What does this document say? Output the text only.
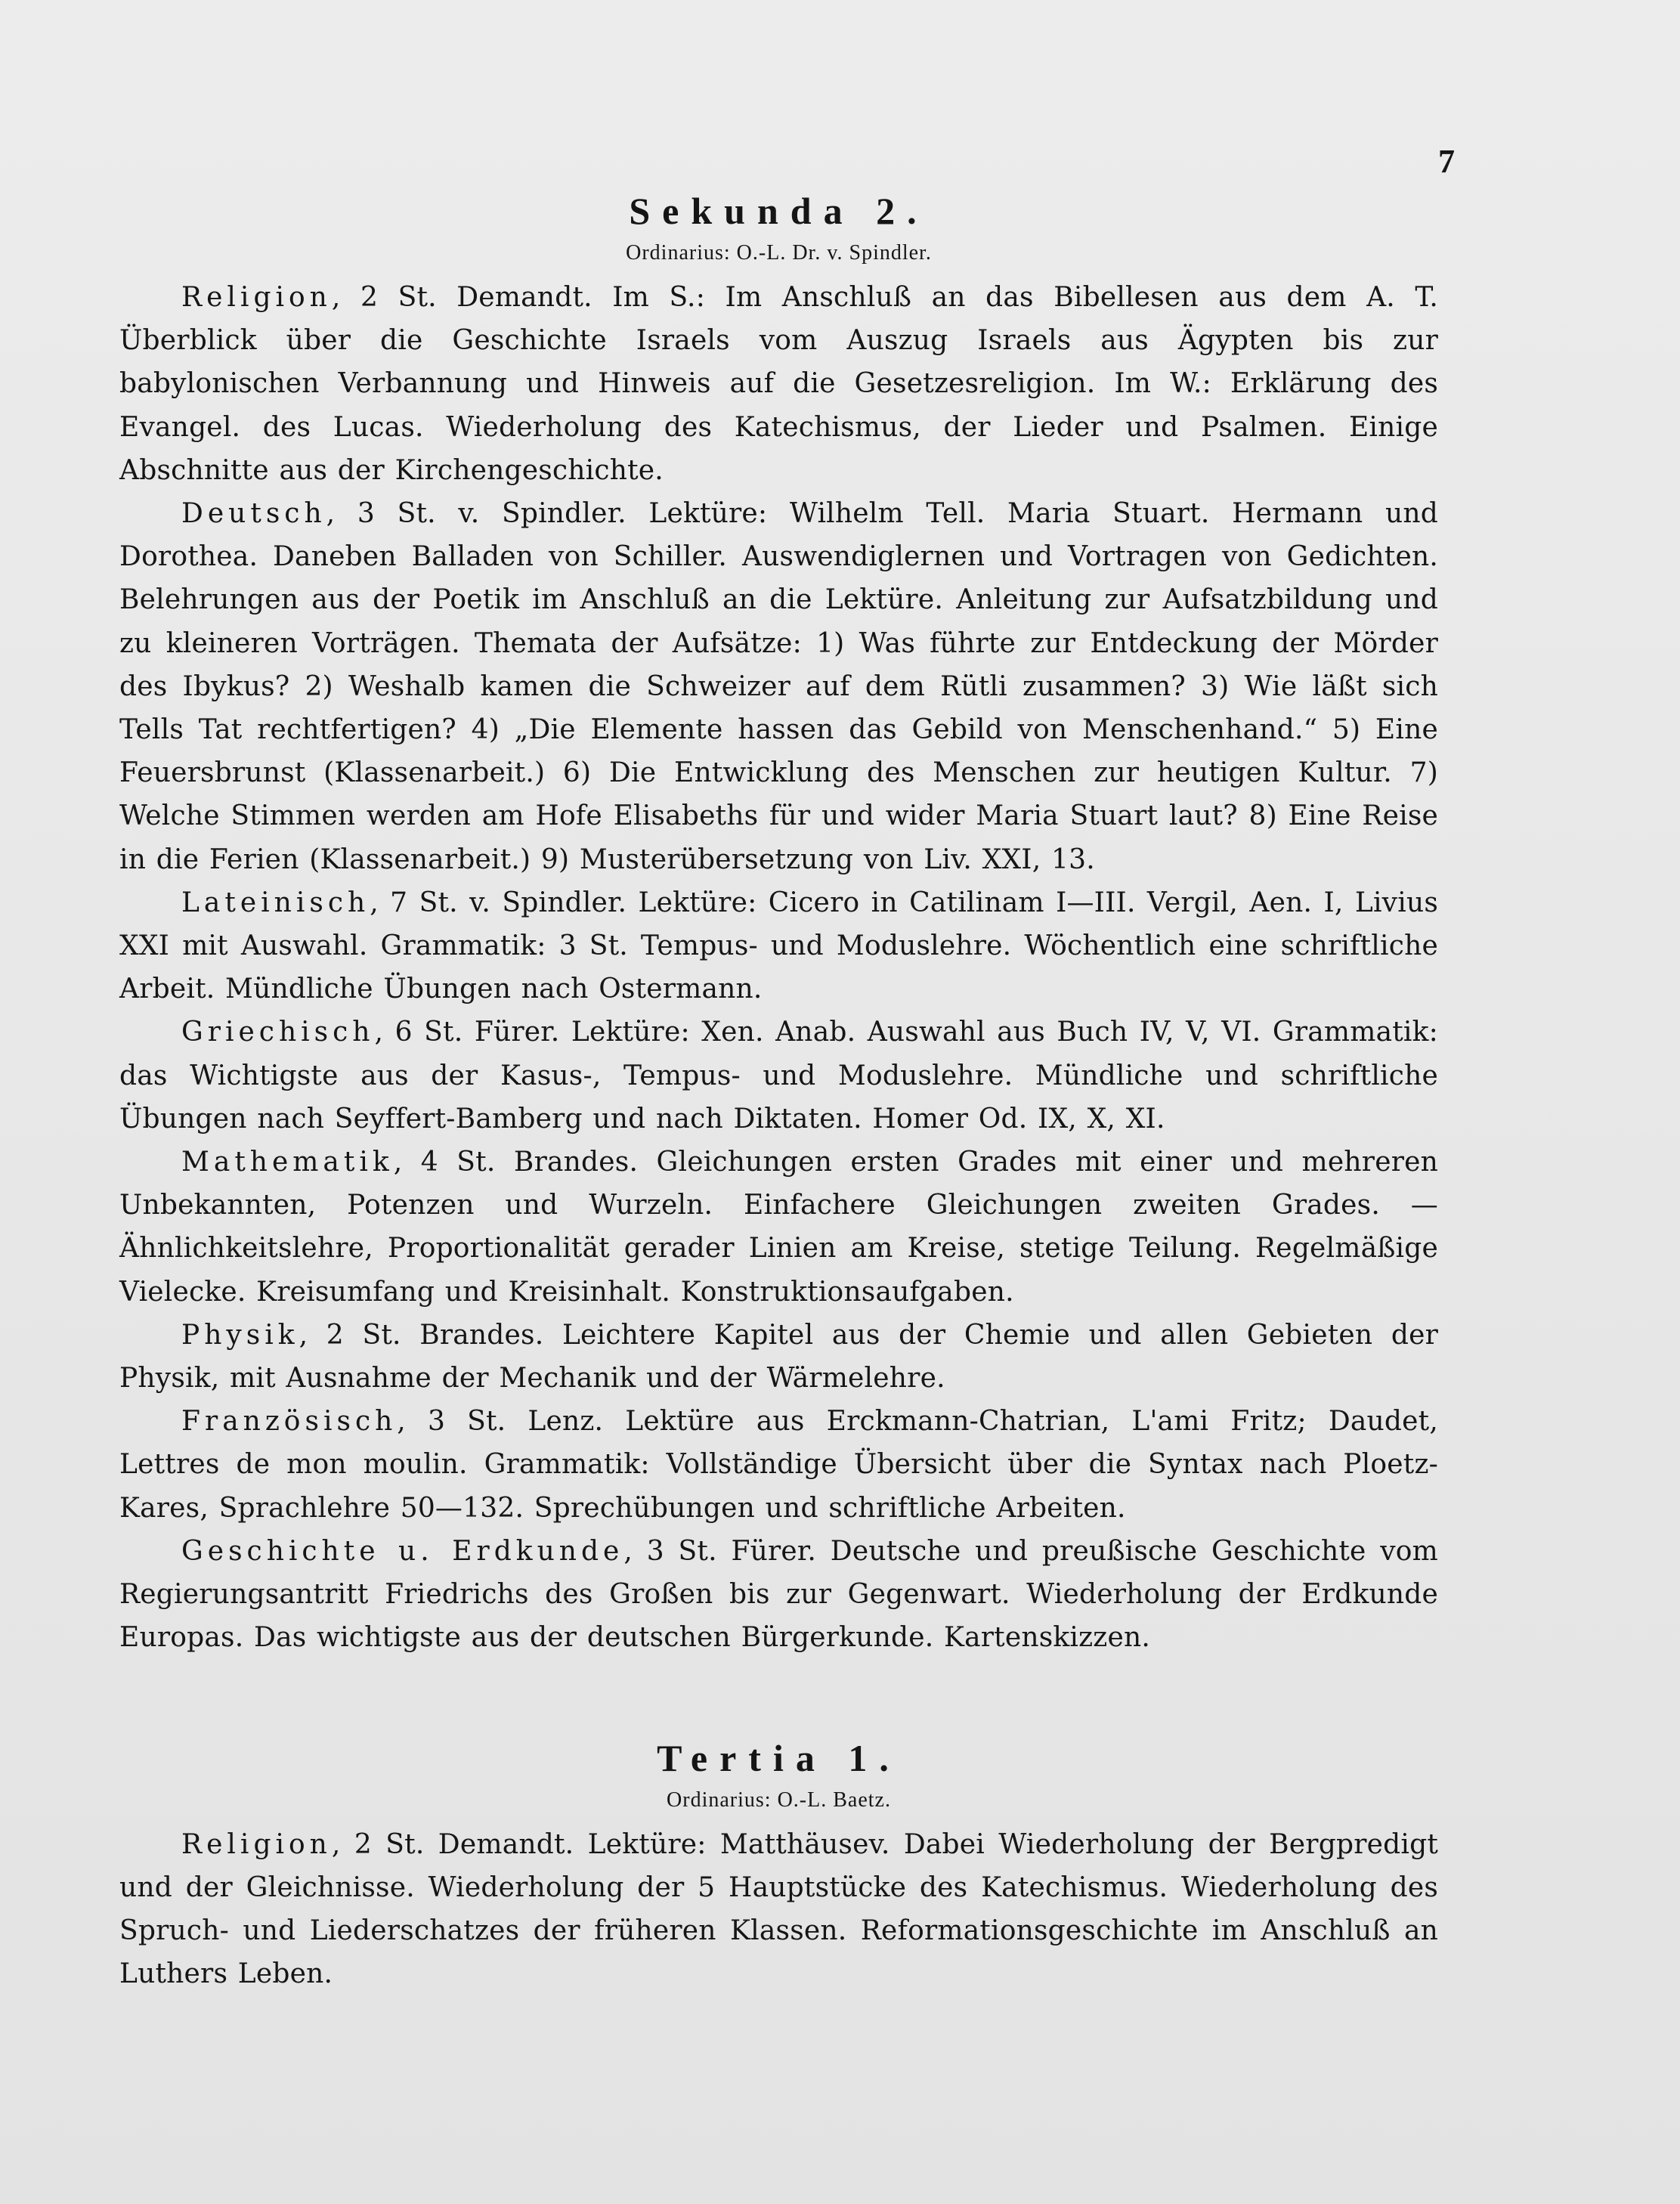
7
Sekunda 2.
Ordinarius: O.-L. Dr. v. Spindler.

Religion, 2 St. Demandt. Im S.: Im Anschluß an das Bibellesen aus dem A. T. Überblick über die Geschichte Israels vom Auszug Israels aus Ägypten bis zur babylonischen Verbannung und Hinweis auf die Gesetzesreligion. Im W.: Erklärung des Evangel. des Lucas. Wiederholung des Katechismus, der Lieder und Psalmen. Einige Abschnitte aus der Kirchengeschichte.

Deutsch, 3 St. v. Spindler. Lektüre: Wilhelm Tell. Maria Stuart. Hermann und Dorothea. Daneben Balladen von Schiller. Auswendiglernen und Vortragen von Gedichten. Belehrungen aus der Poetik im Anschluß an die Lektüre. Anleitung zur Aufsatzbildung und zu kleineren Vorträgen. Themata der Aufsätze: 1) Was führte zur Entdeckung der Mörder des Ibykus? 2) Weshalb kamen die Schweizer auf dem Rütli zusammen? 3) Wie läßt sich Tells Tat rechtfertigen? 4) „Die Elemente hassen das Gebild von Menschenhand.“ 5) Eine Feuersbrunst (Klassenarbeit.) 6) Die Entwicklung des Menschen zur heutigen Kultur. 7) Welche Stimmen werden am Hofe Elisabeths für und wider Maria Stuart laut? 8) Eine Reise in die Ferien (Klassenarbeit.) 9) Musterübersetzung von Liv. XXI, 13.

Lateinisch, 7 St. v. Spindler. Lektüre: Cicero in Catilinam I—III. Vergil, Aen. I, Livius XXI mit Auswahl. Grammatik: 3 St. Tempus- und Moduslehre. Wöchentlich eine schriftliche Arbeit. Mündliche Übungen nach Ostermann.

Griechisch, 6 St. Fürer. Lektüre: Xen. Anab. Auswahl aus Buch IV, V, VI. Grammatik: das Wichtigste aus der Kasus-, Tempus- und Moduslehre. Mündliche und schriftliche Übungen nach Seyffert-Bamberg und nach Diktaten. Homer Od. IX, X, XI.

Mathematik, 4 St. Brandes. Gleichungen ersten Grades mit einer und mehreren Unbekannten, Potenzen und Wurzeln. Einfachere Gleichungen zweiten Grades. — Ähnlichkeitslehre, Proportionalität gerader Linien am Kreise, stetige Teilung. Regelmäßige Vielecke. Kreisumfang und Kreisinhalt. Konstruktionsaufgaben.

Physik, 2 St. Brandes. Leichtere Kapitel aus der Chemie und allen Gebieten der Physik, mit Ausnahme der Mechanik und der Wärmelehre.

Französisch, 3 St. Lenz. Lektüre aus Erckmann-Chatrian, L'ami Fritz; Daudet, Lettres de mon moulin. Grammatik: Vollständige Übersicht über die Syntax nach Ploetz-Kares, Sprachlehre 50—132. Sprechübungen und schriftliche Arbeiten.

Geschichte u. Erdkunde, 3 St. Fürer. Deutsche und preußische Geschichte vom Regierungsantritt Friedrichs des Großen bis zur Gegenwart. Wiederholung der Erdkunde Europas. Das wichtigste aus der deutschen Bürgerkunde. Kartenskizzen.

Tertia 1.
Ordinarius: O.-L. Baetz.

Religion, 2 St. Demandt. Lektüre: Matthäusev. Dabei Wiederholung der Bergpredigt und der Gleichnisse. Wiederholung der 5 Hauptstücke des Katechismus. Wiederholung des Spruch- und Liederschatzes der früheren Klassen. Reformationsgeschichte im Anschluß an Luthers Leben.
